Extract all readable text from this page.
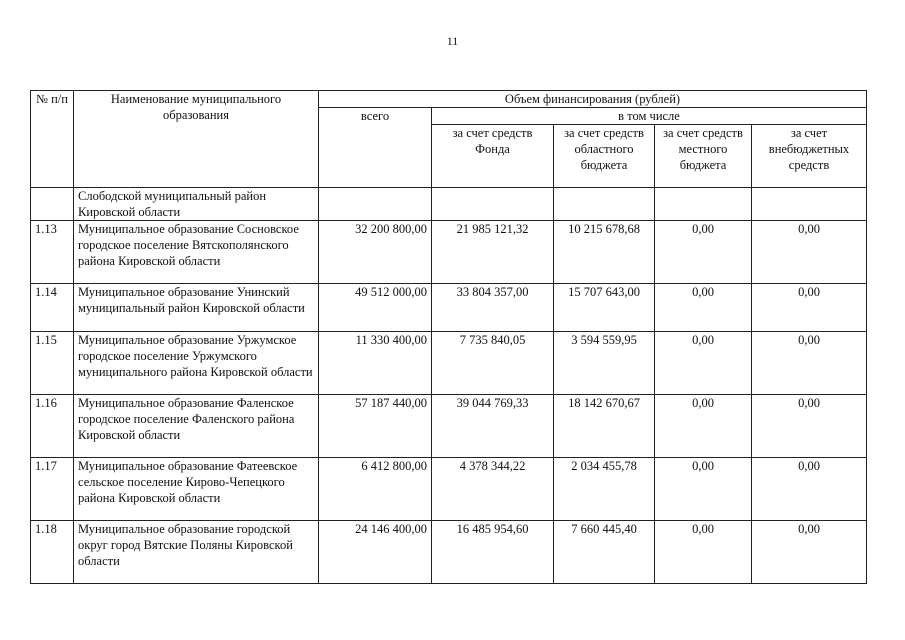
11
№ п/п	Наименование муниципального образования	Объем финансирования (рублей)				
		всего	в том числе			
			за счет средств Фонда	за счет средств областного бюджета	за счет средств местного бюджета	за счет внебюджетных средств
	Слободской муниципальный район Кировской области					
1.13	Муниципальное образование Сосновское городское поселение Вятскополянского района Кировской области	32 200 800,00	21 985 121,32	10 215 678,68	0,00	0,00
1.14	Муниципальное образование Унинский муниципальный район Кировской области	49 512 000,00	33 804 357,00	15 707 643,00	0,00	0,00
1.15	Муниципальное образование Уржумское городское поселение Уржумского муниципального района Кировской области	11 330 400,00	7 735 840,05	3 594 559,95	0,00	0,00
1.16	Муниципальное образование Фаленское городское поселение Фаленского района Кировской области	57 187 440,00	39 044 769,33	18 142 670,67	0,00	0,00
1.17	Муниципальное образование Фатеевское сельское поселение Кирово-Чепецкого района Кировской области	6 412 800,00	4 378 344,22	2 034 455,78	0,00	0,00
1.18	Муниципальное образование городской округ город Вятские Поляны Кировской области	24 146 400,00	16 485 954,60	7 660 445,40	0,00	0,00
